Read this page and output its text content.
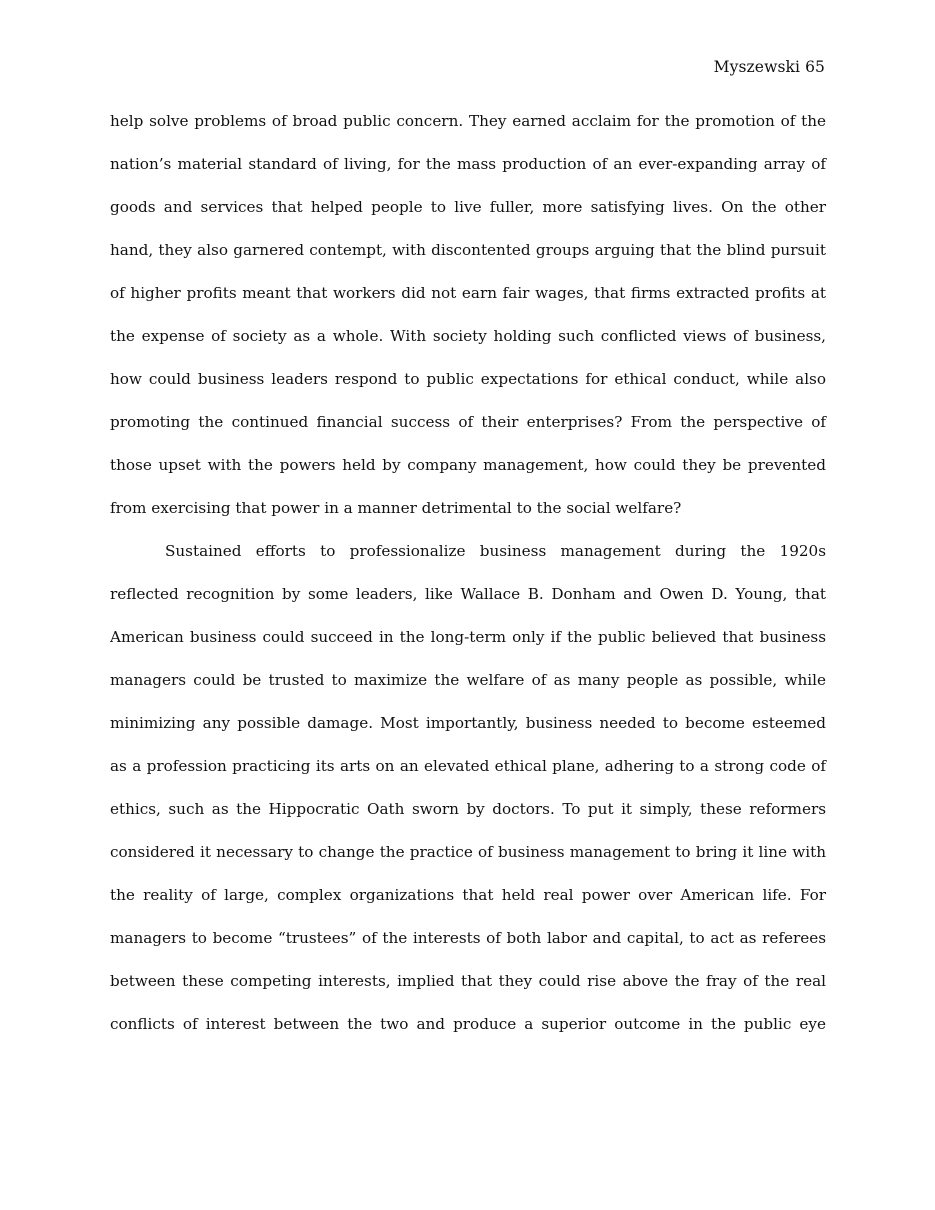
Myszewski 65
help solve problems of broad public concern. They earned acclaim for the promotion of the
nation’s material standard of living, for the mass production of an ever-expanding array of
goods and services that helped people to live fuller, more satisfying lives. On the other
hand, they also garnered contempt, with discontented groups arguing that the blind pursuit
of higher profits meant that workers did not earn fair wages, that firms extracted profits at
the expense of society as a whole. With society holding such conflicted views of business,
how could business leaders respond to public expectations for ethical conduct, while also
promoting the continued financial success of their enterprises? From the perspective of
those upset with the powers held by company management, how could they be prevented
from exercising that power in a manner detrimental to the social welfare?
Sustained efforts to professionalize business management during the 1920s
reflected recognition by some leaders, like Wallace B. Donham and Owen D. Young, that
American business could succeed in the long-term only if the public believed that business
managers could be trusted to maximize the welfare of as many people as possible, while
minimizing any possible damage. Most importantly, business needed to become esteemed
as a profession practicing its arts on an elevated ethical plane, adhering to a strong code of
ethics, such as the Hippocratic Oath sworn by doctors. To put it simply, these reformers
considered it necessary to change the practice of business management to bring it line with
the reality of large, complex organizations that held real power over American life. For
managers to become “trustees” of the interests of both labor and capital, to act as referees
between these competing interests, implied that they could rise above the fray of the real
conflicts of interest between the two and produce a superior outcome in the public eye
